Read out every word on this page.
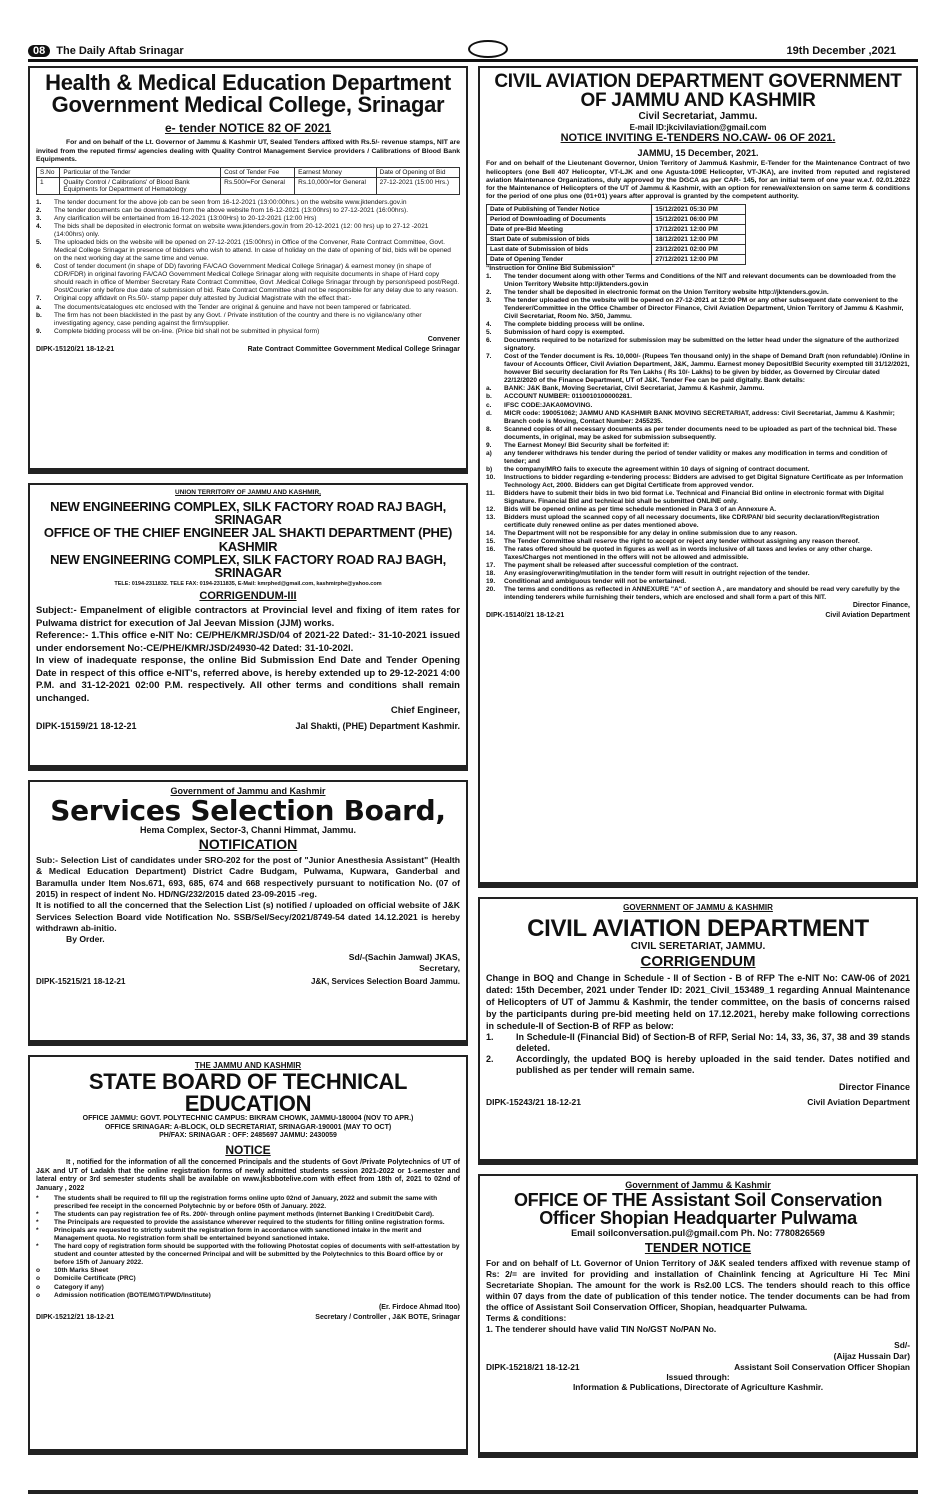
08	The Daily Aftab Srinagar	19th December ,2021
Health & Medical Education Department
Government Medical College, Srinagar
e- tender NOTICE 82 OF 2021
For and on behalf of the Lt. Governor of Jammu & Kashmir UT, Sealed Tenders affixed with Rs.5/- revenue stamps, NIT are invited from the reputed firms/ agencies dealing with Quality Control Management Service providers / Calibrations of Blood Bank Equipments.
S.No	Particular of the Tender	Cost of Tender Fee	Earnest Money	Date of Opening of Bid
1	Quality Control / Calibrations' of Blood Bank Equipments for Department of Hematology	Rs.500/=For General	Rs.10,000/=for General	27-12-2021 (15:00 Hrs.)
1.	The tender document for the above job can be seen from 16-12-2021 (13:00:00hrs.) on the website www.jktenders.gov.in
2.	The tender documents can be downloaded from the above website from 16-12-2021 (13:00hrs) to 27-12-2021 (16:00hrs).
3.	Any clarification will be entertained from 16-12-2021 (13:00Hrs) to 20-12-2021 (12:00 Hrs)
4.	The bids shall be deposited in electronic format on website www.jktenders.gov.in from 20-12-2021 (12: 00 hrs) up to 27-12 -2021 (14:00hrs) only.
5.	The uploaded bids on the website will be opened on 27-12-2021 (15:00hrs) in Office of the Convener, Rate Contract Committee, Govt. Medical College Srinagar in presence of bidders who wish to attend. In case of holiday on the date of opening of bid, bids will be opened on the next working day at the same time and venue.
6.	Cost of tender document (in shape of DD) favoring FA/CAO Government Medical College Srinagar) & earnest money (in shape of CDR/FDR) in original favoring FA/CAO Government Medical College Srinagar along with requisite documents in shape of Hard copy should reach in office of Member Secretary Rate Contract Committee, Govt .Medical College Srinagar through by person/speed post/Regd. Post/Courier only before due date of submission of bid. Rate Contract Committee shall not be responsible for any delay due to any reason.
7.	Original copy affidavit on Rs.50/- stamp paper duly attested by Judicial Magistrate with the effect that:-
a.	The documents/catalogues etc enclosed with the Tender are original & genuine and have not been tampered or fabricated.
b.	The firm has not been blacklisted in the past by any Govt. / Private institution of the country and there is no vigilance/any other investigating agency, case pending against the firm/supplier.
9.	Complete bidding process will be on-line. (Price bid shall not be submitted in physical form)
Convener
DIPK-15120/21 18-12-21	Rate Contract Committee Government Medical College Srinagar
UNION TERRITORY OF JAMMU AND KASHMIR,
NEW ENGINEERING COMPLEX, SILK FACTORY ROAD RAJ BAGH, SRINAGAR
OFFICE OF THE CHIEF ENGINEER JAL SHAKTI DEPARTMENT (PHE) KASHMIR
NEW ENGINEERING COMPLEX, SILK FACTORY ROAD RAJ BAGH, SRINAGAR
TELE: 0194-2311832. TELE FAX: 0194-2311835, E-Mail: kmrphed@gmail.com, kashmirphe@yahoo.com
CORRIGENDUM-III
Subject:- Empanelment of eligible contractors at Provincial level and fixing of item rates for Pulwama district for execution of Jal Jeevan Mission (JJM) works.
Reference:- 1.This office e-NIT No: CE/PHE/KMR/JSD/04 of 2021-22 Dated:- 31-10-2021 issued under endorsement No:-CE/PHE/KMR/JSD/24930-42 Dated: 31-10-202l.
In view of inadequate response, the online Bid Submission End Date and Tender Opening Date in respect of this office e-NIT's, referred above, is hereby extended up to 29-12-2021 4:00 P.M. and 31-12-2021 02:00 P.M. respectively. All other terms and conditions shall remain unchanged.
Chief Engineer,
DIPK-15159/21 18-12-21	Jal Shakti, (PHE) Department Kashmir.
Government of Jammu and Kashmir
Services Selection Board,
Hema Complex, Sector-3, Channi Himmat, Jammu.
NOTIFICATION
Sub:- Selection List of candidates under SRO-202 for the post of "Junior Anesthesia Assistant" (Health & Medical Education Department) District Cadre Budgam, Pulwama, Kupwara, Ganderbal and Baramulla under Item Nos.671, 693, 685, 674 and 668 respectively pursuant to notification No. (07 of 2015) in respect of indent No. HD/NG/232/2015 dated 23-09-2015 -reg.
It is notified to all the concerned that the Selection List (s) notified / uploaded on official website of J&K Services Selection Board vide Notification No. SSB/Sel/Secy/2021/8749-54 dated 14.12.2021 is hereby withdrawn ab-initio.
By Order.
Sd/-(Sachin Jamwal) JKAS,
Secretary,
DIPK-15215/21 18-12-21	J&K, Services Selection Board Jammu.
THE JAMMU AND KASHMIR
STATE BOARD OF TECHNICAL EDUCATION
OFFICE JAMMU: GOVT. POLYTECHNIC CAMPUS: BIKRAM CHOWK, JAMMU-180004 (NOV TO APR.)
OFFICE SRINAGAR: A-BLOCK, OLD SECRETARIAT, SRINAGAR-190001 (MAY TO OCT)
PH/FAX: SRINAGAR : OFF: 2485697 JAMMU: 2430059
NOTICE
It , notified for the information of all the concerned Principals and the students of Govt /Private Polytechnics of UT of J&K and UT of Ladakh that the online registration forms of newly admitted students session 2021-2022 or 1-semester and lateral entry or 3rd semester students shall be available on www.jksbbotelive.com with effect from 18th of, 2021 to 02nd of January , 2022
*	The students shall be required to fill up the registration forms online upto 02nd of January, 2022 and submit the same with prescribed fee receipt in the concerned Polytechnic by or before 05th of January. 2022.
*	The students can pay registration fee of Rs. 200/- through online payment methods (Internet Banking I Credit/Debit Card).
*	The Principals are requested to provide the assistance wherever required to the students for filling online registration forms.
*	Principals are requested to strictly submit the registration form in accordance with sanctioned intake in the merit and Management quota. No registration form shall be entertained beyond sanctioned intake.
*	The hard copy of registration form should be supported with the following Photostat copies of documents with self-attestation by student and counter attested by the concerned Principal and will be submitted by the Polytechnics to this Board office by or before 15fh of January 2022.
o	10th Marks Sheet
o	Domicile Certificate (PRC)
o	Category if any)
o	Admission notification (BOTE/MGT/PWD/Institute)
(Er. Firdoce Ahmad Itoo)
DIPK-15212/21 18-12-21	Secretary / Controller , J&K BOTE, Srinagar
CIVIL AVIATION DEPARTMENT GOVERNMENT
OF JAMMU AND KASHMIR
Civil Secretariat, Jammu.
E-mail ID:jkcivilaviation@gmail.com
NOTICE INVITING E-TENDERS NO.CAW- 06 OF 2021.
JAMMU, 15 December, 2021.
For and on behalf of the Lieutenant Governor, Union Territory of Jammu& Kashmir, E-Tender for the Maintenance Contract of two helicopters (one Bell 407 Helicopter, VT-LJK and one Agusta-109E Helicopter, VT-JKA), are invited from reputed and registered aviation Maintenance Organizations, duly approved by the DGCA as per CAR- 145, for an initial term of one year w.e.f. 02.01.2022 for the Maintenance of Helicopters of the UT of Jammu & Kashmir, with an option for renewal/extension on same term & conditions for the period of one plus one (01+01) years after approval is granted by the competent authority.
Date of Publishing of Tender Notice	15/12/2021 05:30 PM
Period of Downloading of Documents	15/12/2021 06:00 PM
Date of pre-Bid Meeting	17/12/2021 12:00 PM
Start Date of submission of bids	18/12/2021 12:00 PM
Last date of Submission of bids	23/12/2021 02:00 PM
Date of Opening Tender	27/12/2021 12:00 PM
"Instruction for Online Bid Submission"
1.	The tender document along with other Terms and Conditions of the NIT and relevant documents can be downloaded from the Union Territory Website http://jktenders.gov.in
2.	The tender shall be deposited in electronic format on the Union Territory website http://jktenders.gov.in.
3.	The tender uploaded on the website will be opened on 27-12-2021 at 12:00 PM or any other subsequent date convenient to the Tenderer/Committee in the Office Chamber of Director Finance, Civil Aviation Department, Union Territory of Jammu & Kashmir, Civil Secretariat, Room No. 3/50, Jammu.
4.	The complete bidding process will be online.
5.	Submission of hard copy is exempted.
6.	Documents required to be notarized for submission may be submitted on the letter head under the signature of the authorized signatory.
7.	Cost of the Tender document is Rs. 10,000/- (Rupees Ten thousand only) in the shape of Demand Draft (non refundable) /Online in favour of Accounts Officer, Civil Aviation Department, J&K, Jammu. Earnest money Deposit/Bid Security exempted till 31/12/2021, however Bid security declaration for Rs Ten Lakhs ( Rs 10/- Lakhs) to be given by bidder, as Governed by Circular dated 22/12/2020 of the Finance Department, UT of J&K. Tender Fee can be paid digitally. Bank details:
a.	BANK: J&K Bank, Moving Secretariat, Civil Secretariat, Jammu & Kashmir, Jammu.
b.	ACCOUNT NUMBER: 0110010100000281.
c.	IFSC CODE:JAKA0MOVING.
d.	MICR code: 190051062; JAMMU AND KASHMIR BANK MOVING SECRETARIAT, address: Civil Secretariat, Jammu & Kashmir; Branch code is Moving, Contact Number: 2455235.
8.	Scanned copies of all necessary documents as per tender documents need to be uploaded as part of the technical bid. These documents, in original, may be asked for submission subsequently.
9.	The Earnest Money/ Bid Security shall be forfeited if:
a)	any tenderer withdraws his tender during the period of tender validity or makes any modification in terms and condition of tender; and
b)	the company/MRO fails to execute the agreement within 10 days of signing of contract document.
10.	Instructions to bidder regarding e-tendering process: Bidders are advised to get Digital Signature Certificate as per Information Technology Act, 2000. Bidders can get Digital Certificate from approved vendor.
11.	Bidders have to submit their bids in two bid format i.e. Technical and Financial Bid online in electronic format with Digital Signature. Financial Bid and technical bid shall be submitted ONLINE only.
12.	Bids will be opened online as per time schedule mentioned in Para 3 of an Annexure A.
13.	Bidders must upload the scanned copy of all necessary documents, like CDR/PAN/ bid security declaration/Registration certificate duly renewed online as per dates mentioned above.
14.	The Department will not be responsible for any delay in online submission due to any reason.
15.	The Tender Committee shall reserve the right to accept or reject any tender without assigning any reason thereof.
16.	The rates offered should be quoted in figures as well as in words inclusive of all taxes and levies or any other charge. Taxes/Charges not mentioned in the offers will not be allowed and admissible.
17.	The payment shall be released after successful completion of the contract.
18.	Any erasing/overwriting/mutilation in the tender form will result in outright rejection of the tender.
19.	Conditional and ambiguous tender will not be entertained.
20.	The terms and conditions as reflected in ANNEXURE "A" of section A , are mandatory and should be read very carefully by the intending tenderers while furnishing their tenders, which are enclosed and shall form a part of this NIT.
Director Finance,
DIPK-15140/21 18-12-21	Civil Aviation Department
GOVERNMENT OF JAMMU & KASHMIR
CIVIL AVIATION DEPARTMENT
CIVIL SERETARIAT, JAMMU.
CORRIGENDUM
Change in BOQ and Change in Schedule - II of Section - B of RFP The e-NIT No: CAW-06 of 2021 dated: 15th December, 2021 under Tender ID: 2021_Civil_153489_1 regarding Annual Maintenance of Helicopters of UT of Jammu & Kashmir, the tender committee, on the basis of concerns raised by the participants during pre-bid meeting held on 17.12.2021, hereby make following corrections in schedule-II of Section-B of RFP as below:
1.	In Schedule-II (Financial Bid) of Section-B of RFP, Serial No: 14, 33, 36, 37, 38 and 39 stands deleted.
2.	Accordingly, the updated BOQ is hereby uploaded in the said tender. Dates notified and published as per tender will remain same.
Director Finance
DIPK-15243/21 18-12-21	Civil Aviation Department
Government of Jammu & Kashmir
OFFICE OF THE Assistant Soil Conservation
Officer Shopian Headquarter Pulwama
Email soilconversation.pul@gmail.com Ph. No: 7780826569
TENDER NOTICE
For and on behalf of Lt. Governor of Union Territory of J&K sealed tenders affixed with revenue stamp of Rs: 2/= are invited for providing and installation of Chainlink fencing at Agriculture Hi Tec Mini Secretariate Shopian. The amount for the work is Rs2.00 LCS. The tenders should reach to this office within 07 days from the date of publication of this tender notice. The tender documents can be had from the office of Assistant Soil Conservation Officer, Shopian, headquarter Pulwama.
Terms & conditions:
1. The tenderer should have valid TIN No/GST No/PAN No.
Sd/-
(Aijaz Hussain Dar)
DIPK-15218/21 18-12-21	Assistant Soil Conservation Officer Shopian
Issued through:
Information & Publications, Directorate of Agriculture Kashmir.
